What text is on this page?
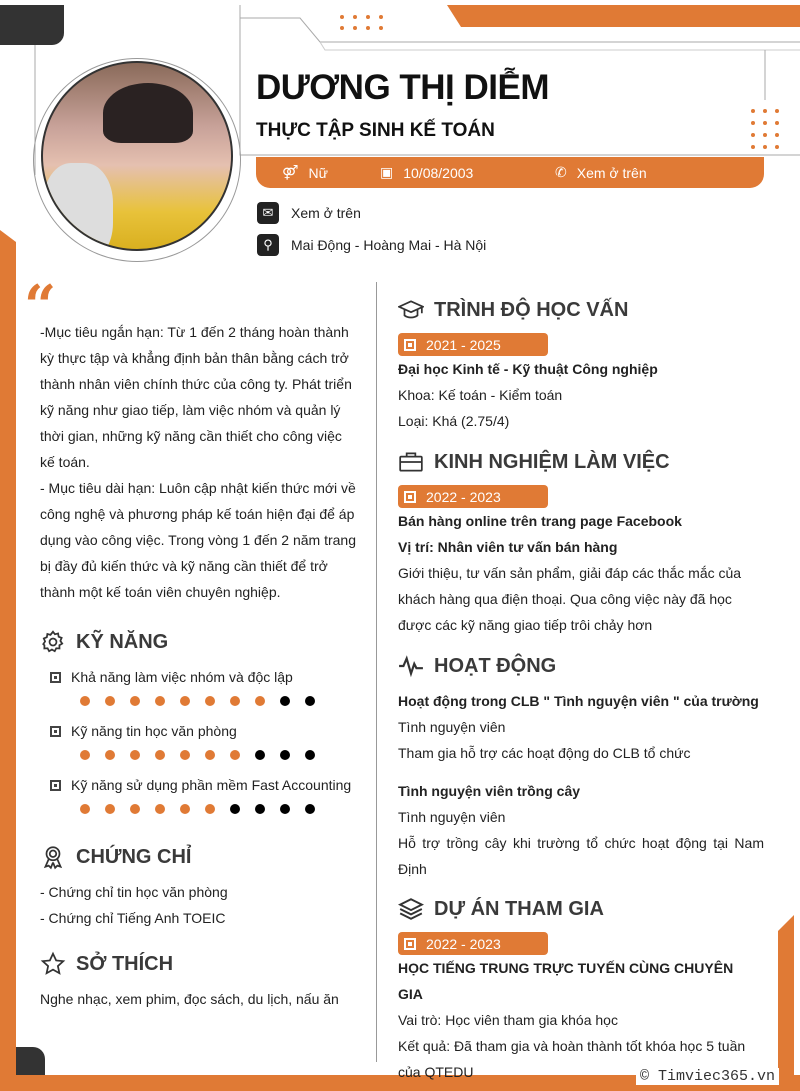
DƯƠNG THỊ DIỄM
THỰC TẬP SINH KẾ TOÁN
⚤ Nữ	▣ 10/08/2003	✆ Xem ở trên
✉	Xem ở trên
⚲	Mai Động - Hoàng Mai - Hà Nội
“

-Mục tiêu ngắn hạn: Từ 1 đến 2 tháng hoàn thành kỳ thực tập và khẳng định bản thân bằng cách trở thành nhân viên chính thức của công ty. Phát triển kỹ năng như giao tiếp, làm việc nhóm và quản lý thời gian, những kỹ năng cần thiết cho công việc kế toán.

- Mục tiêu dài hạn: Luôn cập nhật kiến thức mới về công nghệ và phương pháp kế toán hiện đại để áp dụng vào công việc. Trong vòng 1 đến 2 năm trang bị đầy đủ kiến thức và kỹ năng cần thiết để trở thành một kế toán viên chuyên nghiệp.

KỸ NĂNG
Khả năng làm việc nhóm và độc lập
Kỹ năng tin học văn phòng
Kỹ năng sử dụng phần mềm Fast Accounting
CHỨNG CHỈ
- Chứng chỉ tin học văn phòng
- Chứng chỉ Tiếng Anh TOEIC
SỞ THÍCH
Nghe nhạc, xem phim, đọc sách, du lịch, nấu ăn
TRÌNH ĐỘ HỌC VẤN
2021 - 2025
Đại học Kinh tế - Kỹ thuật Công nghiệp
Khoa: Kế toán - Kiểm toán
Loại: Khá (2.75/4)
KINH NGHIỆM LÀM VIỆC
2022 - 2023
Bán hàng online trên trang page Facebook
Vị trí: Nhân viên tư vấn bán hàng
Giới thiệu, tư vấn sản phẩm, giải đáp các thắc mắc của khách hàng qua điện thoại. Qua công việc này đã học được các kỹ năng giao tiếp trôi chảy hơn
HOẠT ĐỘNG
Hoạt động trong CLB " Tình nguyện viên " của trường
Tình nguyện viên
Tham gia hỗ trợ các hoạt động do CLB tổ chức
Tình nguyện viên trồng cây
Tình nguyện viên
Hỗ trợ trồng cây khi trường tổ chức hoạt động tại Nam Định
DỰ ÁN THAM GIA
2022 - 2023
HỌC TIẾNG TRUNG TRỰC TUYẾN CÙNG CHUYÊN GIA
Vai trò: Học viên tham gia khóa học
Kết quả: Đã tham gia và hoàn thành tốt khóa học 5 tuần của QTEDU	© Timviec365.vn
